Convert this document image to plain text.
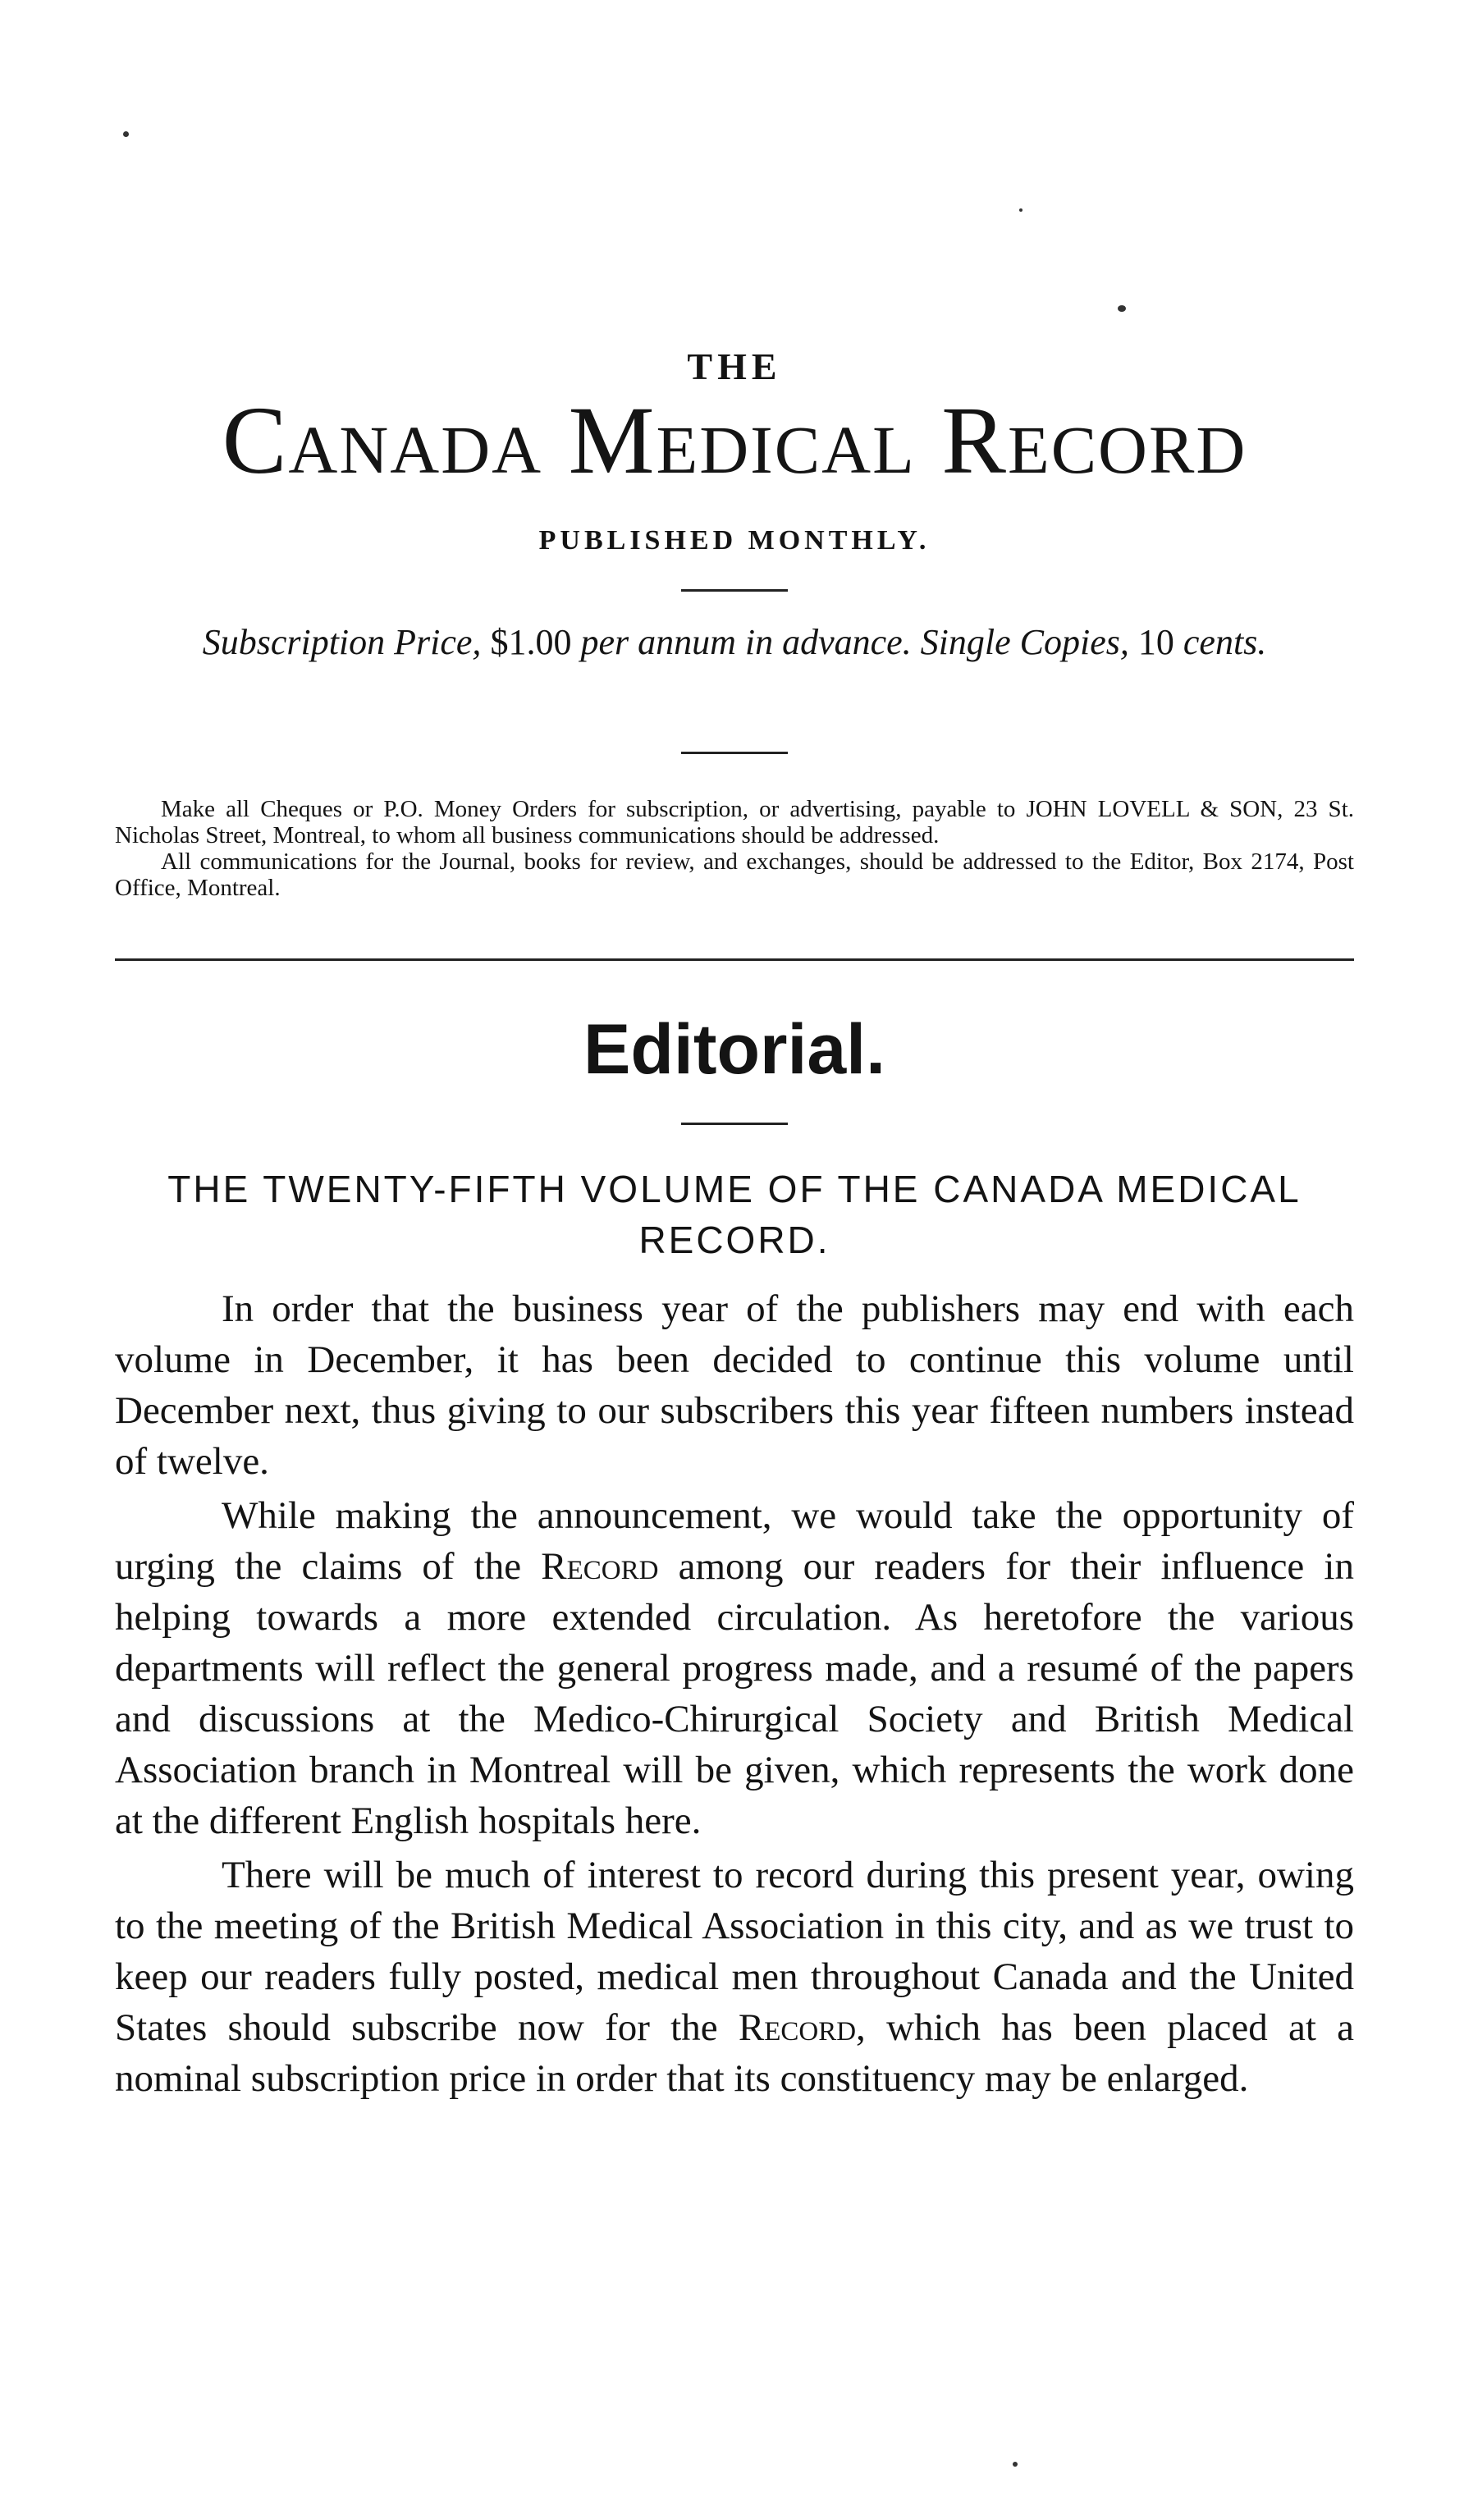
THE
Canada Medical Record
PUBLISHED MONTHLY.
Subscription Price, $1.00 per annum in advance. Single Copies, 10 cents.

Make all Cheques or P.O. Money Orders for subscription, or advertising, payable to JOHN LOVELL & SON, 23 St. Nicholas Street, Montreal, to whom all business communications should be addressed.

All communications for the Journal, books for review, and exchanges, should be addressed to the Editor, Box 2174, Post Office, Montreal.

Editorial.
THE TWENTY-FIFTH VOLUME OF THE CANADA MEDICAL RECORD.

In order that the business year of the publishers may end with each volume in December, it has been decided to continue this volume until December next, thus giving to our subscribers this year fifteen numbers instead of twelve.

While making the announcement, we would take the opportunity of urging the claims of the Record among our readers for their influence in helping towards a more extended circulation. As heretofore the various departments will reflect the general progress made, and a resumé of the papers and discussions at the Medico-Chirurgical Society and British Medical Association branch in Montreal will be given, which represents the work done at the different English hospitals here.

There will be much of interest to record during this present year, owing to the meeting of the British Medical Association in this city, and as we trust to keep our readers fully posted, medical men throughout Canada and the United States should subscribe now for the Record, which has been placed at a nominal subscription price in order that its constituency may be enlarged.
